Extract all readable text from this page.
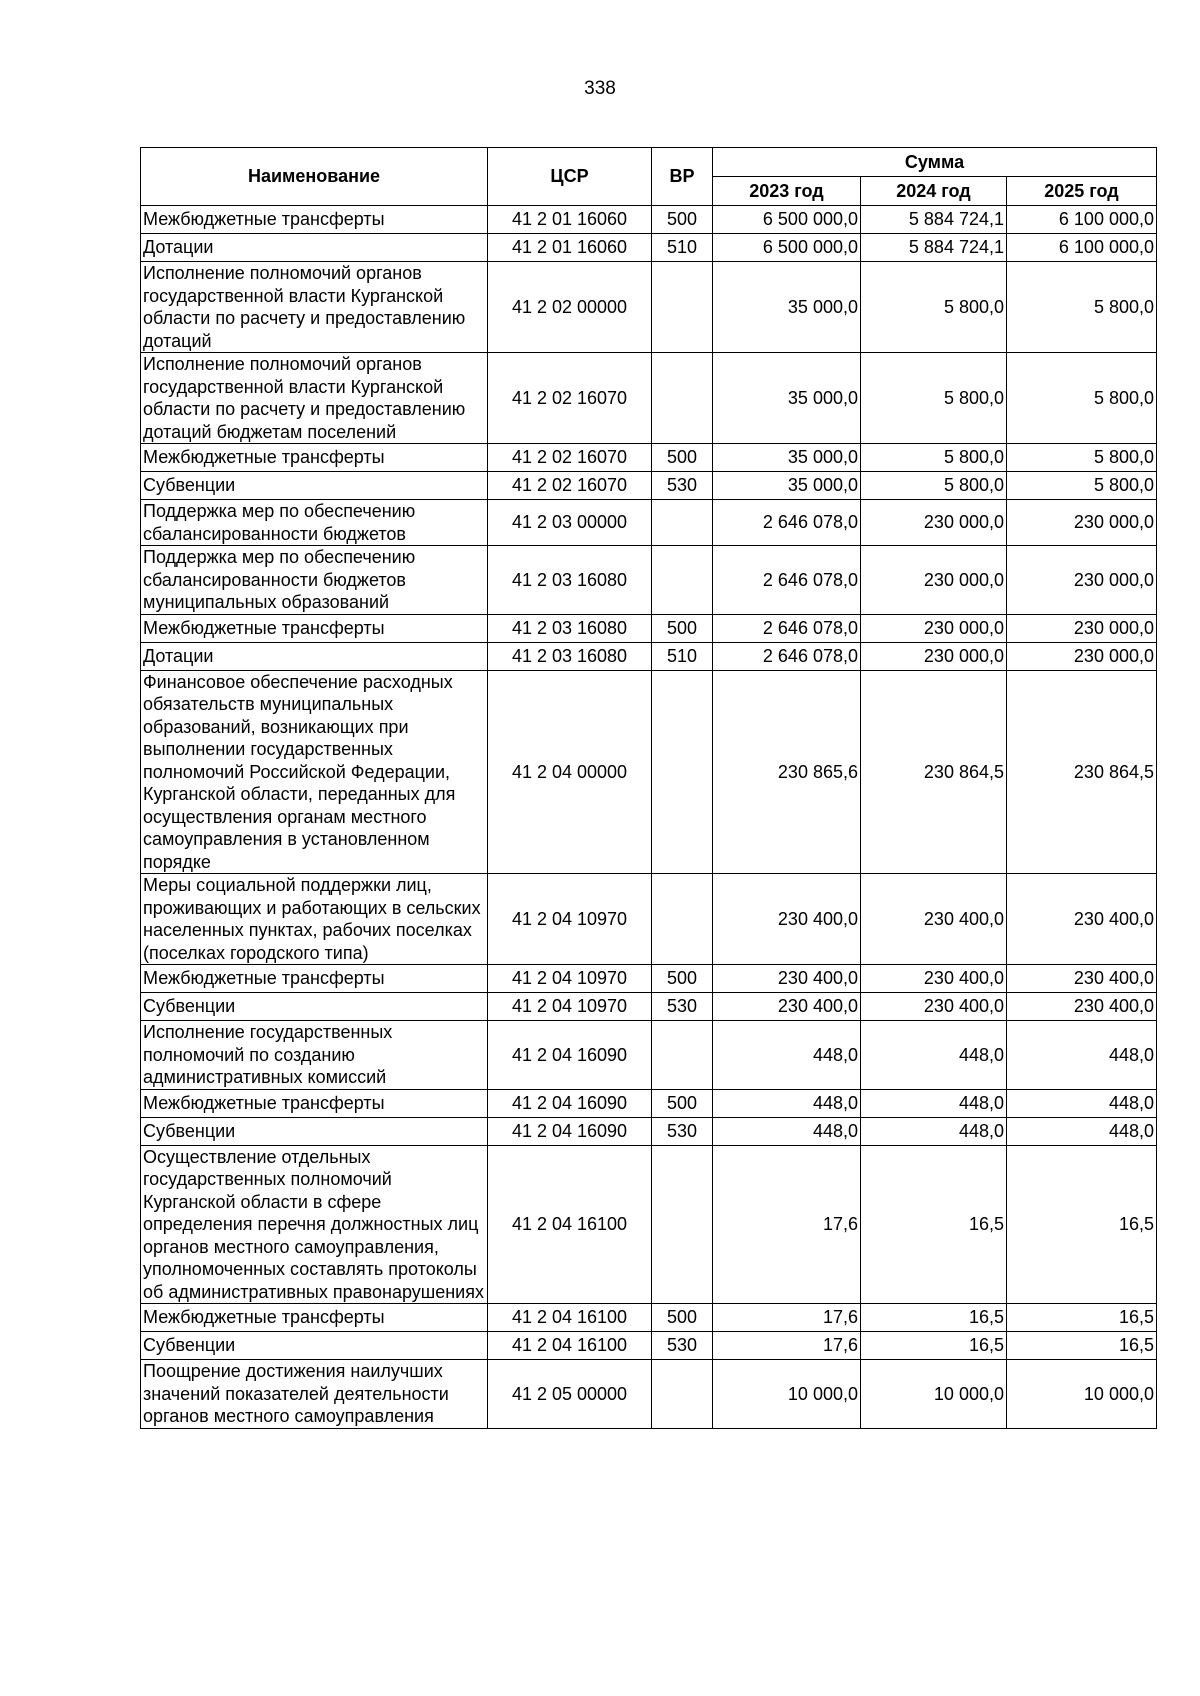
338
Наименование	ЦСР	ВР	Сумма		
			2023 год	2024 год	2025 год
Межбюджетные трансферты	41 2 01 16060	500	6 500 000,0	5 884 724,1	6 100 000,0
Дотации	41 2 01 16060	510	6 500 000,0	5 884 724,1	6 100 000,0
Исполнение полномочий органов государственной власти Курганской области по расчету и предоставлению дотаций	41 2 02 00000		35 000,0	5 800,0	5 800,0
Исполнение полномочий органов государственной власти Курганской области по расчету и предоставлению дотаций бюджетам поселений	41 2 02 16070		35 000,0	5 800,0	5 800,0
Межбюджетные трансферты	41 2 02 16070	500	35 000,0	5 800,0	5 800,0
Субвенции	41 2 02 16070	530	35 000,0	5 800,0	5 800,0
Поддержка мер по обеспечению сбалансированности бюджетов	41 2 03 00000		2 646 078,0	230 000,0	230 000,0
Поддержка мер по обеспечению сбалансированности бюджетов муниципальных образований	41 2 03 16080		2 646 078,0	230 000,0	230 000,0
Межбюджетные трансферты	41 2 03 16080	500	2 646 078,0	230 000,0	230 000,0
Дотации	41 2 03 16080	510	2 646 078,0	230 000,0	230 000,0
Финансовое обеспечение расходных обязательств муниципальных образований, возникающих при выполнении государственных полномочий Российской Федерации, Курганской области, переданных для осуществления органам местного самоуправления в установленном порядке	41 2 04 00000		230 865,6	230 864,5	230 864,5
Меры социальной поддержки лиц, проживающих и работающих в сельских населенных пунктах, рабочих поселках (поселках городского типа)	41 2 04 10970		230 400,0	230 400,0	230 400,0
Межбюджетные трансферты	41 2 04 10970	500	230 400,0	230 400,0	230 400,0
Субвенции	41 2 04 10970	530	230 400,0	230 400,0	230 400,0
Исполнение государственных полномочий по созданию административных комиссий	41 2 04 16090		448,0	448,0	448,0
Межбюджетные трансферты	41 2 04 16090	500	448,0	448,0	448,0
Субвенции	41 2 04 16090	530	448,0	448,0	448,0
Осуществление отдельных государственных полномочий Курганской области в сфере определения перечня должностных лиц органов местного самоуправления, уполномоченных составлять протоколы об административных правонарушениях	41 2 04 16100		17,6	16,5	16,5
Межбюджетные трансферты	41 2 04 16100	500	17,6	16,5	16,5
Субвенции	41 2 04 16100	530	17,6	16,5	16,5
Поощрение достижения наилучших значений показателей деятельности органов местного самоуправления	41 2 05 00000		10 000,0	10 000,0	10 000,0
